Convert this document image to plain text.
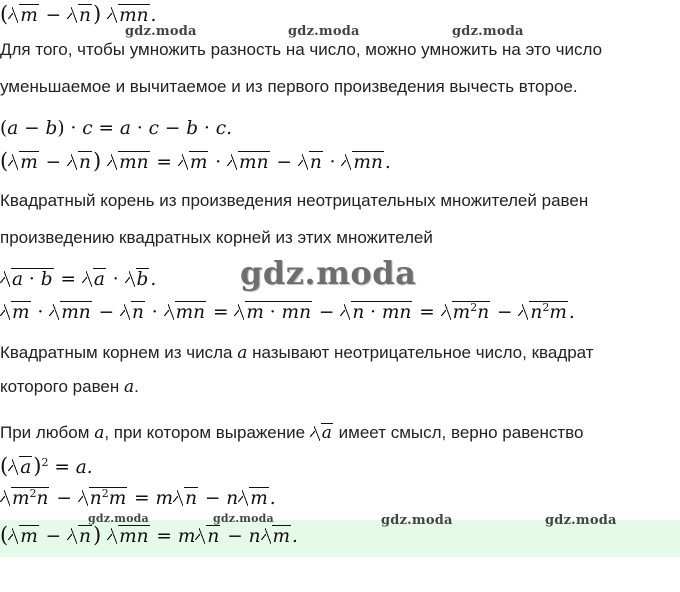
( m − n) mn .
Для того, чтобы умножить разность на число, можно умножить на это число
уменьшаемое и вычитаемое и из первого произведения вычесть второе.
(a − b) · c = a · c − b · c.
( m − n) mn = m · mn − n · mn .
Квадратный корень из произведения неотрицательных множителей равен
произведению квадратных корней из этих множителей
a · b = a · b .
m · mn − n · mn = m · mn − n · mn = $m^2n - n^2m$ .
Квадратным корнем из числа a называют неотрицательное число, квадрат
которого равен a.
При любом a, при котором выражение a имеет смысл, верно равенство
( a)$^2$ = a.
$m^2n - n^2m = m$ n − n m .
( m − n) mn = m n − n m .
gdz.moda	gdz.moda	gdz.moda
gdz.moda
gdz.moda	gdz.moda	gdz.moda	gdz.moda
